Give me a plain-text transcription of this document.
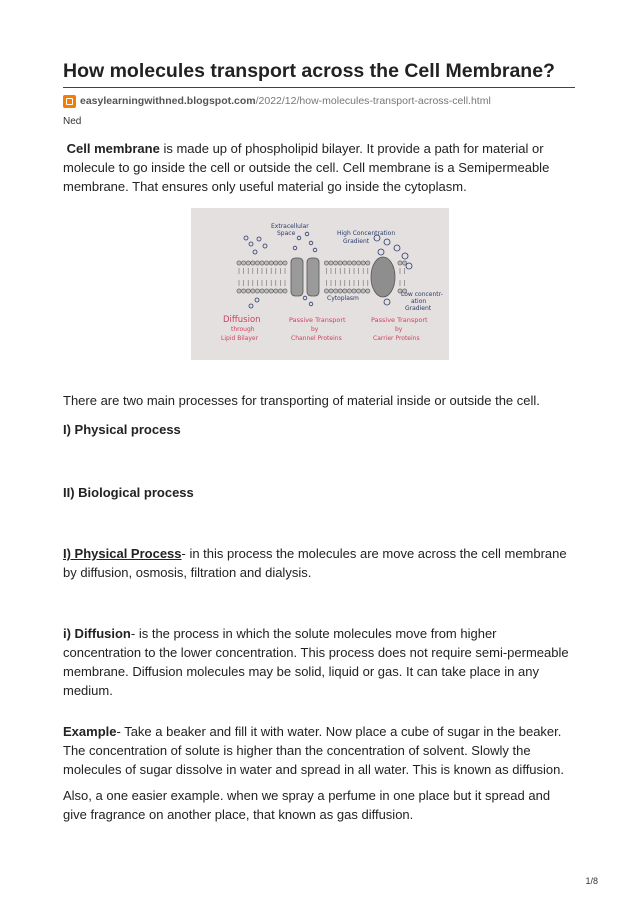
How molecules transport across the Cell Membrane?
easylearningwithned.blogspot.com /2022/12/how-molecules-transport-across-cell.html
Ned

Cell membrane is made up of phospholipid bilayer. It provide a path for material or molecule to go inside the cell or outside the cell. Cell membrane is a Semipermeable membrane. That ensures only useful material go inside the cytoplasm.

Extracellular
Space	High Concentration
Gradient
Cytoplasm
Low concentr-
ation
Gradient
Diffusion
through
Lipid Bilayer
Passive Transport
by
Channel Proteins
Passive Transport
by
Carrier Proteins

There are two main processes for transporting of material inside or outside the cell.

I) Physical process

II) Biological process

I) Physical Process- in this process the molecules are move across the cell membrane by diffusion, osmosis, filtration and dialysis.

i) Diffusion- is the process in which the solute molecules move from higher concentration to the lower concentration. This process does not require semi-permeable membrane. Diffusion molecules may be solid, liquid or gas. It can take place in any medium.

Example- Take a beaker and fill it with water. Now place a cube of sugar in the beaker. The concentration of solute is higher than the concentration of solvent. Slowly the molecules of sugar dissolve in water and spread in all water. This is known as diffusion.

Also, a one easier example. when we spray a perfume in one place but it spread and give fragrance on another place, that known as gas diffusion.

1/8
